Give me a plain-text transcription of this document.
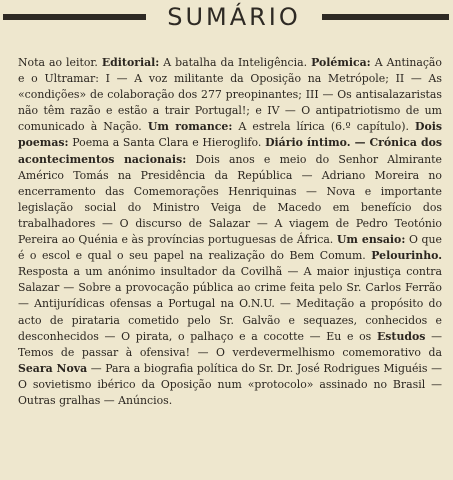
SUMÁRIO
Nota ao leitor. Editorial: A batalha da Inteligência. Polémica: A Antinação e o Ultramar: I — A voz militante da Oposição na Metrópole; II — As «condições» de colaboração dos 277 preopinantes; III — Os antisalazaristas não têm razão e estão a trair Portugal!; e IV — O antipatriotismo de um comunicado à Nação. Um romance: A estrela lírica (6.º capítulo). Dois poemas: Poema a Santa Clara e Hieroglifo. Diário íntimo. — Crónica dos acontecimentos nacionais: Dois anos e meio do Senhor Almirante Américo Tomás na Presidência da República — Adriano Moreira no encerramento das Comemorações Henriquinas — Nova e importante legislação social do Ministro Veiga de Macedo em benefício dos trabalhadores — O discurso de Salazar — A viagem de Pedro Teotónio Pereira ao Quénia e às províncias portuguesas de África. Um ensaio: O que é o escol e qual o seu papel na realização do Bem Comum. Pelourinho. Resposta a um anónimo insultador da Covilhã — A maior injustiça contra Salazar — Sobre a provocação pública ao crime feita pelo Sr. Carlos Ferrão — Antijurídicas ofensas a Portugal na O.N.U. — Meditação a propósito do acto de pirataria cometido pelo Sr. Galvão e sequazes, conhecidos e desconhecidos — O pirata, o palhaço e a cocotte — Eu e os Estudos — Temos de passar à ofensiva! — O verdevermelhismo comemorativo da Seara Nova — Para a biografia política do Sr. Dr. José Rodrigues Miguéis — O sovietismo ibérico da Oposição num «protocolo» assinado no Brasil — Outras gralhas — Anúncios.
